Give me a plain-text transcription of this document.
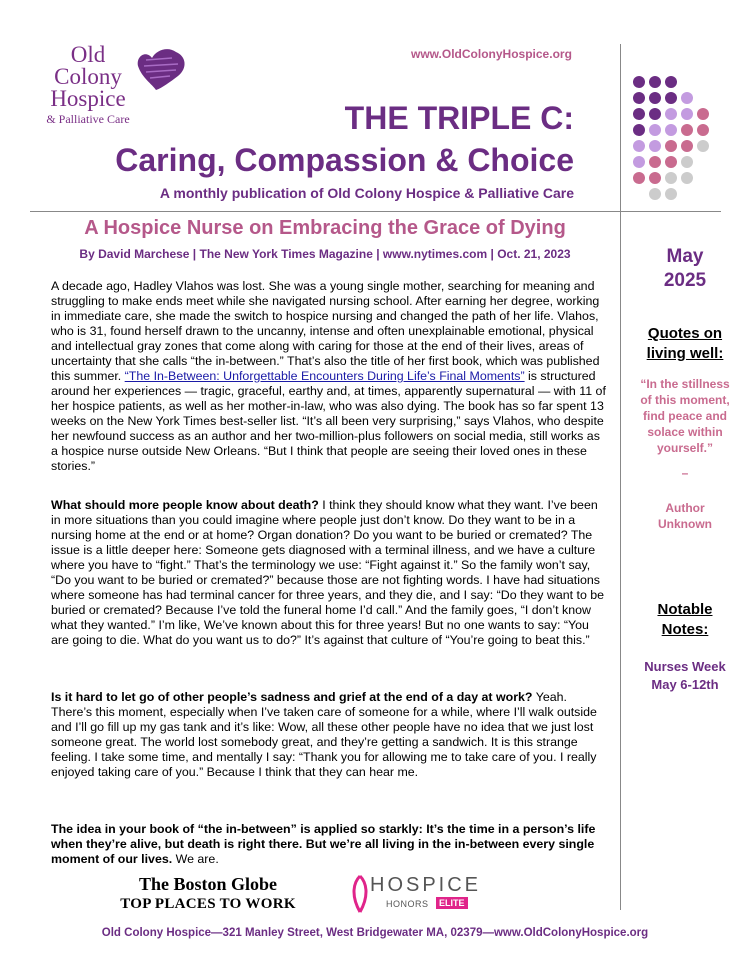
Old
Colony
Hospice
& Palliative Care
www.OldColonyHospice.org
THE TRIPLE C:
Caring, Compassion & Choice
A monthly publication of Old Colony Hospice & Palliative Care
A Hospice Nurse on Embracing the Grace of Dying
By David Marchese | The New York Times Magazine | www.nytimes.com | Oct. 21, 2023
A decade ago, Hadley Vlahos was lost. She was a young single mother, searching for meaning and struggling to make ends meet while she navigated nursing school. After earning her degree, working in immediate care, she made the switch to hospice nursing and changed the path of her life. Vlahos, who is 31, found herself drawn to the uncanny, intense and often unexplainable emotional, physical and intellectual gray zones that come along with caring for those at the end of their lives, areas of uncertainty that she calls “the in-between.” That’s also the title of her first book, which was published this summer. “The In-Between: Unforgettable Encounters During Life’s Final Moments” is structured around her experiences — tragic, graceful, earthy and, at times, apparently supernatural — with 11 of her hospice patients, as well as her mother-in-law, who was also dying. The book has so far spent 13 weeks on the New York Times best-seller list. “It’s all been very surprising,” says Vlahos, who despite her newfound success as an author and her two-million-plus followers on social media, still works as a hospice nurse outside New Orleans. “But I think that people are seeing their loved ones in these stories.”
What should more people know about death? I think they should know what they want. I’ve been in more situations than you could imagine where people just don’t know. Do they want to be in a nursing home at the end or at home? Organ donation? Do you want to be buried or cremated? The issue is a little deeper here: Someone gets diagnosed with a terminal illness, and we have a culture where you have to “fight.” That’s the terminology we use: “Fight against it.” So the family won’t say, “Do you want to be buried or cremated?” because those are not fighting words. I have had situations where someone has had terminal cancer for three years, and they die, and I say: “Do they want to be buried or cremated? Because I’ve told the funeral home I’d call.” And the family goes, “I don’t know what they wanted.” I’m like, We’ve known about this for three years! But no one wants to say: “You are going to die. What do you want us to do?” It’s against that culture of “You’re going to beat this.”
Is it hard to let go of other people’s sadness and grief at the end of a day at work? Yeah. There’s this moment, especially when I’ve taken care of someone for a while, where I’ll walk outside and I’ll go fill up my gas tank and it’s like: Wow, all these other people have no idea that we just lost someone great. The world lost somebody great, and they’re getting a sandwich. It is this strange feeling. I take some time, and mentally I say: “Thank you for allowing me to take care of you. I really enjoyed taking care of you.” Because I think that they can hear me.
The idea in your book of “the in-between” is applied so starkly: It’s the time in a person’s life when they’re alive, but death is right there. But we’re all living in the in-between every single moment of our lives. We are.
May
2025
Quotes on
living well:
“In the stillness of this moment, find peace and solace within yourself.”
–
Author
Unknown
Notable
Notes:
Nurses Week
May 6-12th
The Boston Globe
TOP PLACES TO WORK
HOSPICE
HONORS	ELITE
Old Colony Hospice—321 Manley Street, West Bridgewater MA, 02379—www.OldColonyHospice.org
